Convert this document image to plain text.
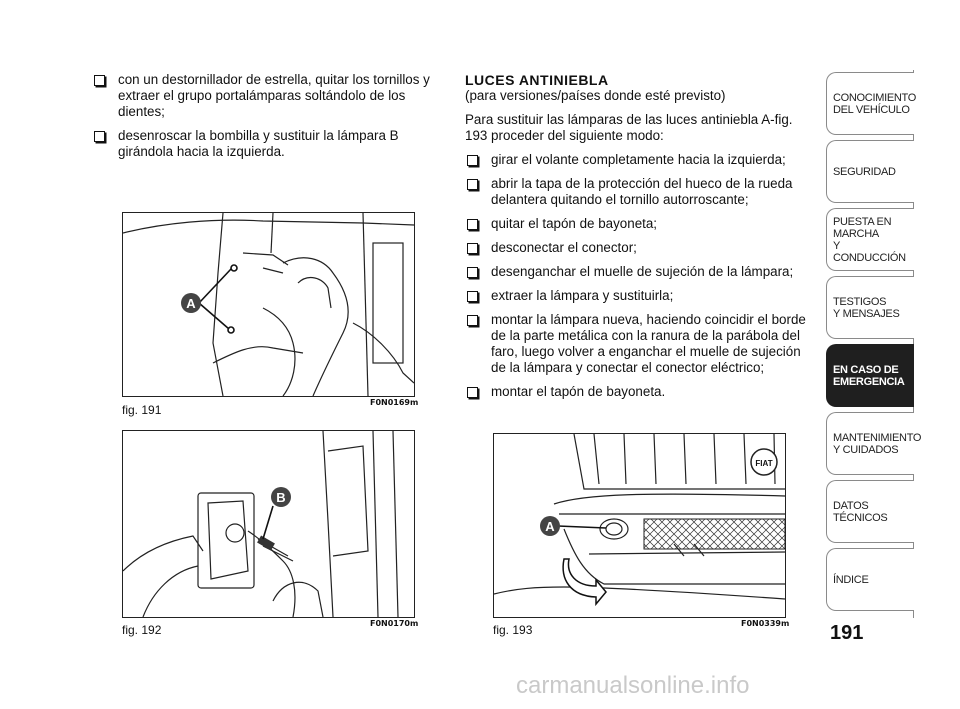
con un destornillador de estrella, quitar los tornillos y extraer el grupo portalámparas soltándolo de los dientes;
desenroscar la bombilla y sustituir la lámpara B girándola hacia la izquierda.
A
fig. 191
F0N0169m
B
fig. 192	F0N0170m
LUCES ANTINIEBLA

(para versiones/países donde esté previsto)

Para sustituir las lámparas de las luces antiniebla A-fig. 193 proceder del siguiente modo:

girar el volante completamente hacia la izquierda;
abrir la tapa de la protección del hueco de la rueda delantera quitando el tornillo autorroscante;
quitar el tapón de bayoneta;
desconectar el conector;
desenganchar el muelle de sujeción de la lámpara;
extraer la lámpara y sustituirla;
montar la lámpara nueva, haciendo coincidir el borde de la parte metálica con la ranura de la parábola del faro, luego volver a enganchar el muelle de sujeción de la lámpara y conectar el conector eléctrico;
montar el tapón de bayoneta.
FIAT
A
fig. 193	F0N0339m
CONOCIMIENTO
DEL VEHÍCULO
SEGURIDAD
PUESTA EN
MARCHA
Y CONDUCCIÓN
TESTIGOS
Y MENSAJES
EN CASO DE
EMERGENCIA
MANTENIMIENTO
Y CUIDADOS
DATOS
TÉCNICOS
ÍNDICE
191
carmanualsonline.info
